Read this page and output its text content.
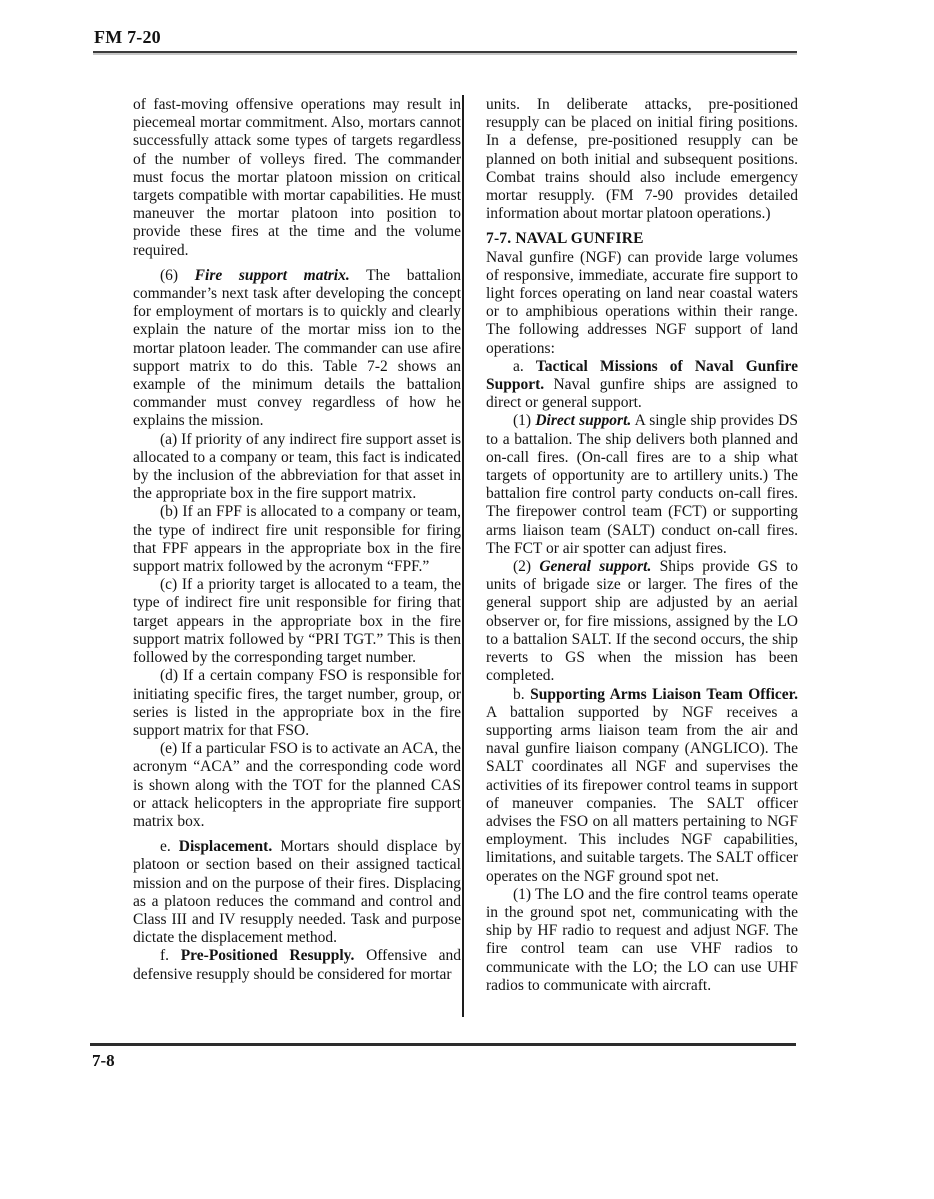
FM 7-20

of fast-moving offensive operations may result in piecemeal mortar commitment. Also, mortars cannot successfully attack some types of targets regardless of the number of volleys fired. The commander must focus the mortar platoon mission on critical targets compatible with mortar capabilities. He must maneuver the mortar platoon into position to provide these fires at the time and the volume required.

(6) Fire support matrix. The battalion commander’s next task after developing the concept for employment of mortars is to quickly and clearly explain the nature of the mortar miss ion to the mortar platoon leader. The commander can use afire support matrix to do this. Table 7-2 shows an example of the minimum details the battalion commander must convey regardless of how he explains the mission.

(a) If priority of any indirect fire support asset is allocated to a company or team, this fact is indicated by the inclusion of the abbreviation for that asset in the appropriate box in the fire support matrix.

(b) If an FPF is allocated to a company or team, the type of indirect fire unit responsible for firing that FPF appears in the appropriate box in the fire support matrix followed by the acronym “FPF.”

(c) If a priority target is allocated to a team, the type of indirect fire unit responsible for firing that target appears in the appropriate box in the fire support matrix followed by “PRI TGT.” This is then followed by the corresponding target number.

(d) If a certain company FSO is responsible for initiating specific fires, the target number, group, or series is listed in the appropriate box in the fire support matrix for that FSO.

(e) If a particular FSO is to activate an ACA, the acronym “ACA” and the corresponding code word is shown along with the TOT for the planned CAS or attack helicopters in the appropriate fire support matrix box.

e. Displacement. Mortars should displace by platoon or section based on their assigned tactical mission and on the purpose of their fires. Displacing as a platoon reduces the command and control and Class III and IV resupply needed. Task and purpose dictate the displacement method.

f. Pre-Positioned Resupply. Offensive and defensive resupply should be considered for mortar

units. In deliberate attacks, pre-positioned resupply can be placed on initial firing positions. In a defense, pre-positioned resupply can be planned on both initial and subsequent positions. Combat trains should also include emergency mortar resupply. (FM 7-90 provides detailed information about mortar platoon operations.)

7-7. NAVAL GUNFIRE

Naval gunfire (NGF) can provide large volumes of responsive, immediate, accurate fire support to light forces operating on land near coastal waters or to amphibious operations within their range. The following addresses NGF support of land operations:

a. Tactical Missions of Naval Gunfire Support. Naval gunfire ships are assigned to direct or general support.

(1) Direct support. A single ship provides DS to a battalion. The ship delivers both planned and on-call fires. (On-call fires are to a ship what targets of opportunity are to artillery units.) The battalion fire control party conducts on-call fires. The firepower control team (FCT) or supporting arms liaison team (SALT) conduct on-call fires. The FCT or air spotter can adjust fires.

(2) General support. Ships provide GS to units of brigade size or larger. The fires of the general support ship are adjusted by an aerial observer or, for fire missions, assigned by the LO to a battalion SALT. If the second occurs, the ship reverts to GS when the mission has been completed.

b. Supporting Arms Liaison Team Officer. A battalion supported by NGF receives a supporting arms liaison team from the air and naval gunfire liaison company (ANGLICO). The SALT coordinates all NGF and supervises the activities of its firepower control teams in support of maneuver companies. The SALT officer advises the FSO on all matters pertaining to NGF employment. This includes NGF capabilities, limitations, and suitable targets. The SALT officer operates on the NGF ground spot net.

(1) The LO and the fire control teams operate in the ground spot net, communicating with the ship by HF radio to request and adjust NGF. The fire control team can use VHF radios to communicate with the LO; the LO can use UHF radios to communicate with aircraft.

7-8
